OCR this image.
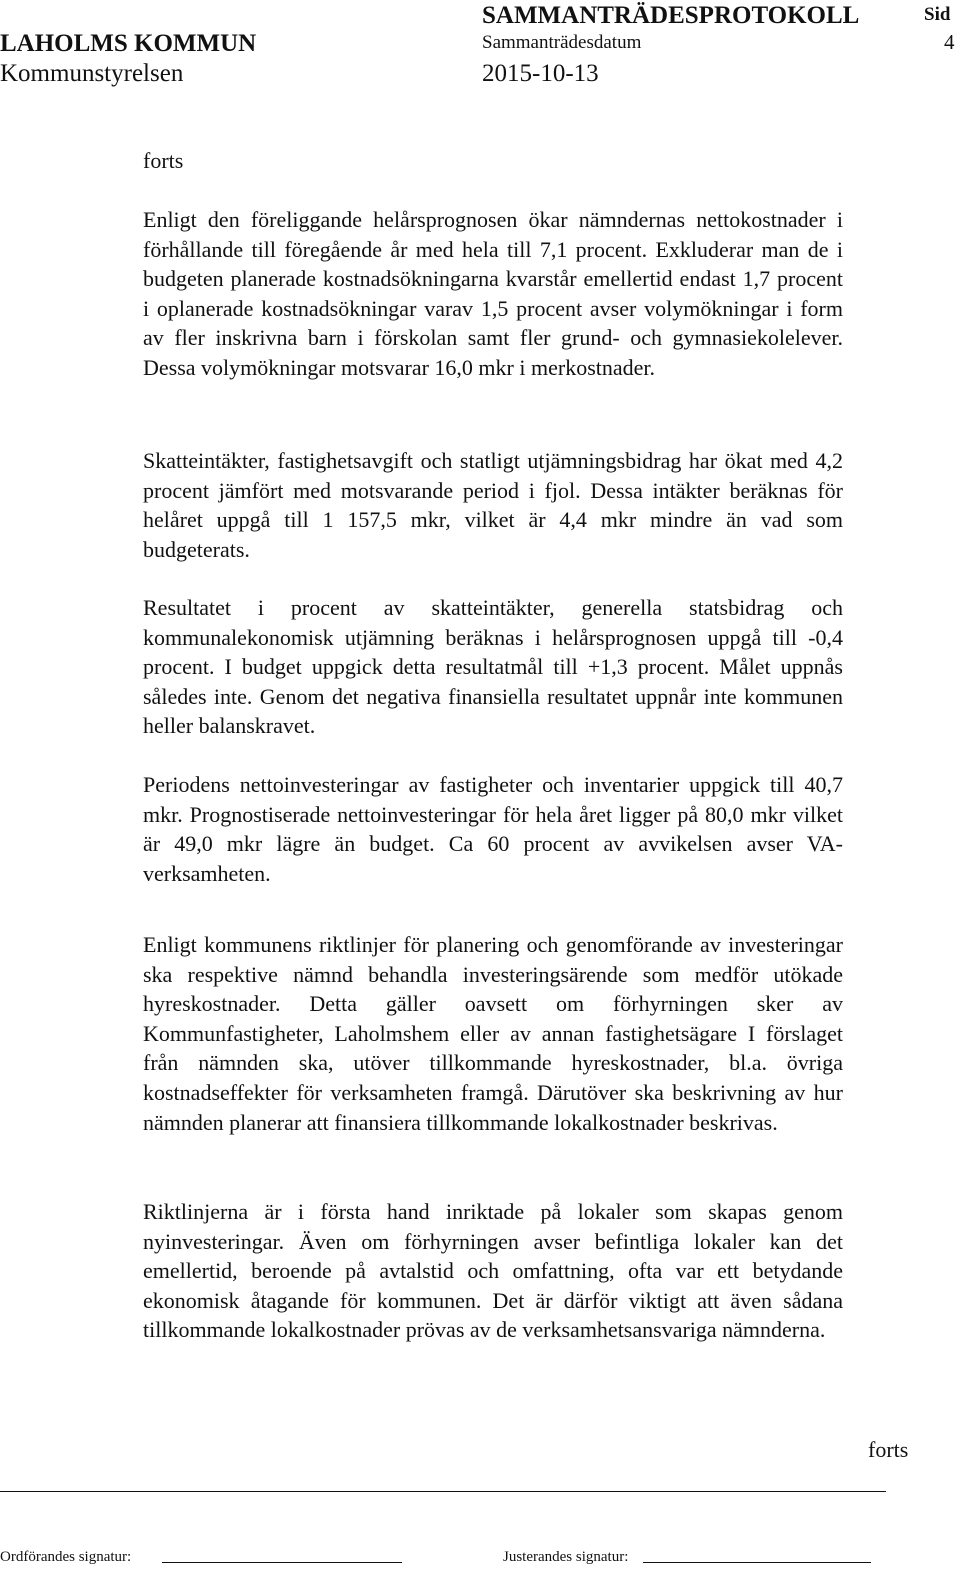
SAMMANTRÄDESPROTOKOLL	Sid
LAHOLMS KOMMUN	Sammanträdesdatum	4
Kommunstyrelsen	2015-10-13
forts

Enligt den föreliggande helårsprognosen ökar nämndernas nettokostnader i förhållande till föregående år med hela till 7,1 procent. Exkluderar man de i budgeten planerade kostnadsökningarna kvarstår emellertid endast 1,7 procent i oplanerade kostnadsökningar varav 1,5 procent avser volymökningar i form av fler inskrivna barn i förskolan samt fler grund- och gymnasiekolelever. Dessa volymökningar motsvarar 16,0 mkr i merkostnader.

Skatteintäkter, fastighetsavgift och statligt utjämningsbidrag har ökat med 4,2 procent jämfört med motsvarande period i fjol. Dessa intäkter beräknas för helåret uppgå till 1 157,5 mkr, vilket är 4,4 mkr mindre än vad som budgeterats.

Resultatet i procent av skatteintäkter, generella statsbidrag och kommunalekonomisk utjämning beräknas i helårsprognosen uppgå till -0,4 procent. I budget uppgick detta resultatmål till +1,3 procent. Målet uppnås således inte. Genom det negativa finansiella resultatet uppnår inte kommunen heller balanskravet.

Periodens nettoinvesteringar av fastigheter och inventarier uppgick till 40,7 mkr. Prognostiserade nettoinvesteringar för hela året ligger på 80,0 mkr vilket är 49,0 mkr lägre än budget. Ca 60 procent av avvikelsen avser VA-verksamheten.

Enligt kommunens riktlinjer för planering och genomförande av investeringar ska respektive nämnd behandla investeringsärende som medför utökade hyreskostnader. Detta gäller oavsett om förhyrningen sker av Kommunfastigheter, Laholmshem eller av annan fastighetsägare I förslaget från nämnden ska, utöver tillkommande hyreskostnader, bl.a. övriga kostnadseffekter för verksamheten framgå. Därutöver ska beskrivning av hur nämnden planerar att finansiera tillkommande lokalkostnader beskrivas.

Riktlinjerna är i första hand inriktade på lokaler som skapas genom nyinvesteringar. Även om förhyrningen avser befintliga lokaler kan det emellertid, beroende på avtalstid och omfattning, ofta var ett betydande ekonomisk åtagande för kommunen. Det är därför viktigt att även sådana tillkommande lokalkostnader prövas av de verksamhetsansvariga nämnderna.

forts
Ordförandes signatur:	Justerandes signatur:
